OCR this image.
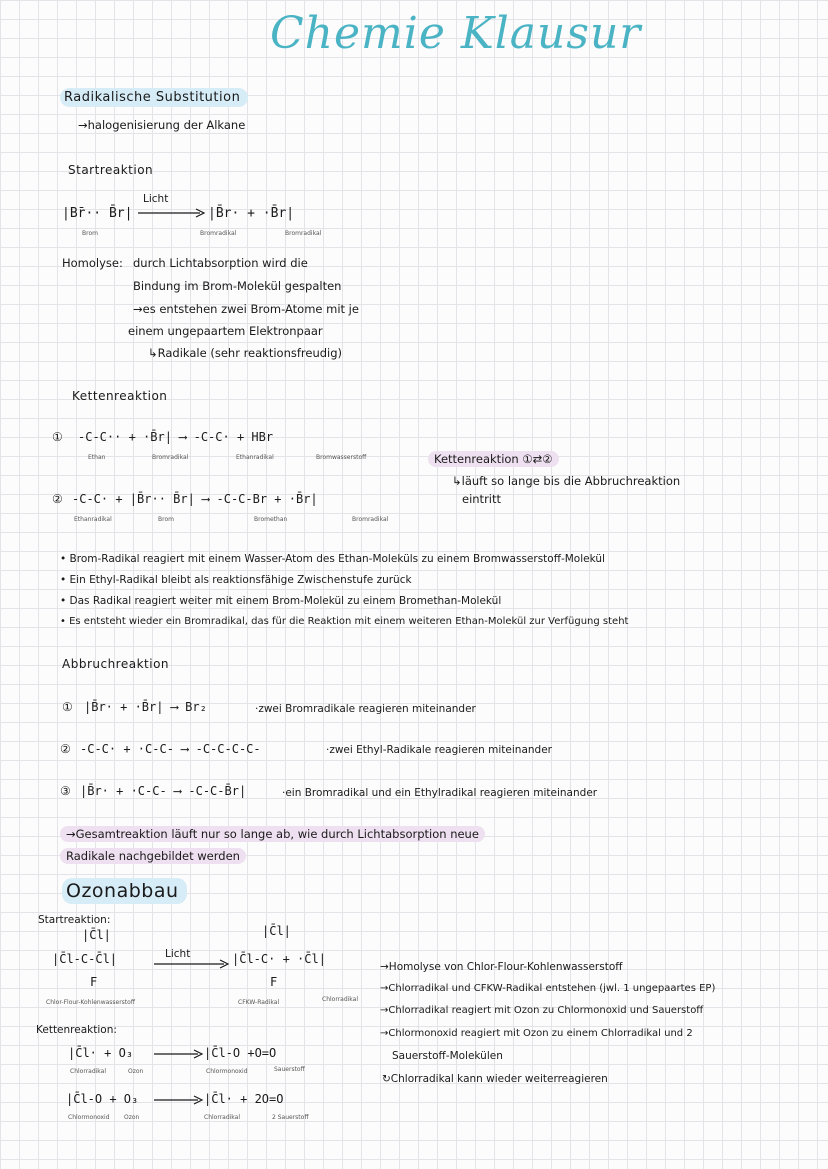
Chemie Klausur
Radikalische Substitution
→halogenisierung der Alkane
Startreaktion
|Br̄·· B̄r|
Licht
|B̄r· + ·B̄r|
Brom	Bromradikal	Bromradikal
Homolyse: durch Lichtabsorption wird die
Bindung im Brom-Molekül gespalten
→es entstehen zwei Brom-Atome mit je
einem ungepaartem Elektronpaar
↳Radikale (sehr reaktionsfreudig)
Kettenreaktion
① -C-C·· + ·B̄r| ⟶ -C-C· + HBr
Ethan	Bromradikal	Ethanradikal	Bromwasserstoff
② -C-C· + |B̄r·· B̄r| ⟶ -C-C-Br + ·B̄r|
Ethanradikal	Brom	Bromethan	Bromradikal
Kettenreaktion ①⇄②
↳läuft so lange bis die Abbruchreaktion
eintritt
• Brom-Radikal reagiert mit einem Wasser-Atom des Ethan-Moleküls zu einem Bromwasserstoff-Molekül
• Ein Ethyl-Radikal bleibt als reaktionsfähige Zwischenstufe zurück
• Das Radikal reagiert weiter mit einem Brom-Molekül zu einem Bromethan-Molekül
• Es entsteht wieder ein Bromradikal, das für die Reaktion mit einem weiteren Ethan-Molekül zur Verfügung steht
Abbruchreaktion
① |B̄r· + ·B̄r| ⟶ Br₂	·zwei Bromradikale reagieren miteinander
② -C-C· + ·C-C- ⟶ -C-C-C-C-	·zwei Ethyl-Radikale reagieren miteinander
③ |B̄r· + ·C-C- ⟶ -C-C-B̄r|	·ein Bromradikal und ein Ethylradikal reagieren miteinander
→Gesamtreaktion läuft nur so lange ab, wie durch Lichtabsorption neue
Radikale nachgebildet werden
Ozonabbau
Startreaktion:
|C̄l|
|C̄l-C-C̄l|
F
Licht
|C̄l|
|C̄l-C· + ·C̄l|
F
Chlor-Flour-Kohlenwasserstoff	CFKW-Radikal	Chlorradikal
Kettenreaktion:
|C̄l· + O₃	|C̄l-O +O=O
Chlorradikal	Ozon	Chlormonoxid	Sauerstoff
|C̄l-O + O₃	|C̄l· + 2O=O
Chlormonoxid Ozon	Chlorradikal	2 Sauerstoff
→Homolyse von Chlor-Flour-Kohlenwasserstoff
→Chlorradikal und CFKW-Radikal entstehen (jwl. 1 ungepaartes EP)
→Chlorradikal reagiert mit Ozon zu Chlormonoxid und Sauerstoff
→Chlormonoxid reagiert mit Ozon zu einem Chlorradikal und 2
Sauerstoff-Molekülen
↻Chlorradikal kann wieder weiterreagieren
